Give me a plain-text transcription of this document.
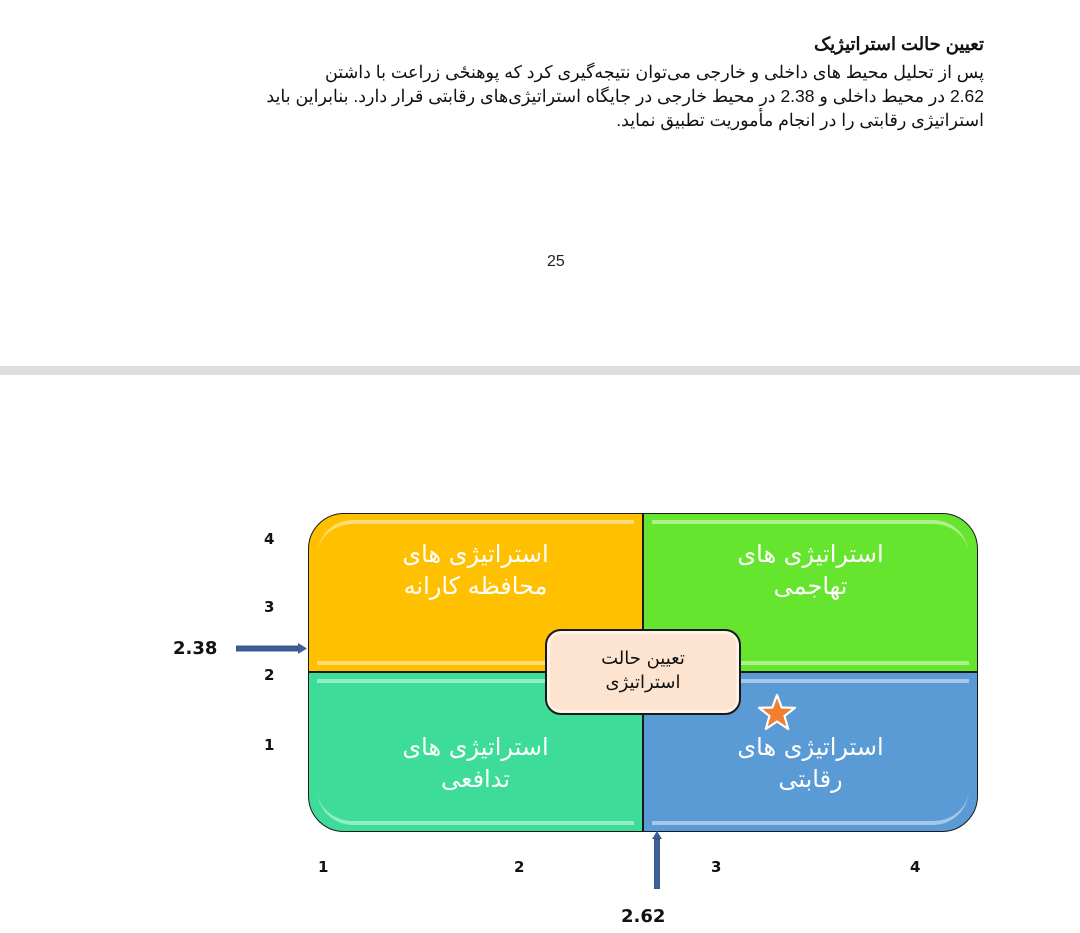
تعیین حالت استراتیژیک
پس از تحلیل محیط های داخلی و خارجی می‌توان نتیجه‌گیری کرد که پوهنځی زراعت با داشتن
2.62 در محیط داخلی و 2.38 در محیط خارجی در جایگاه استراتیژی‌های رقابتی قرار دارد. بنابراین باید
استراتیژی رقابتی را در انجام مأموریت تطبیق نماید.
25
4
3
2
1
2.38
استراتیژی های
محافظه کارانه
استراتیژی های
تهاجمی
استراتیژی های
تدافعی
استراتیژی های
رقابتی
تعیین حالت
استراتیژی
1	2	3	4
2.62
